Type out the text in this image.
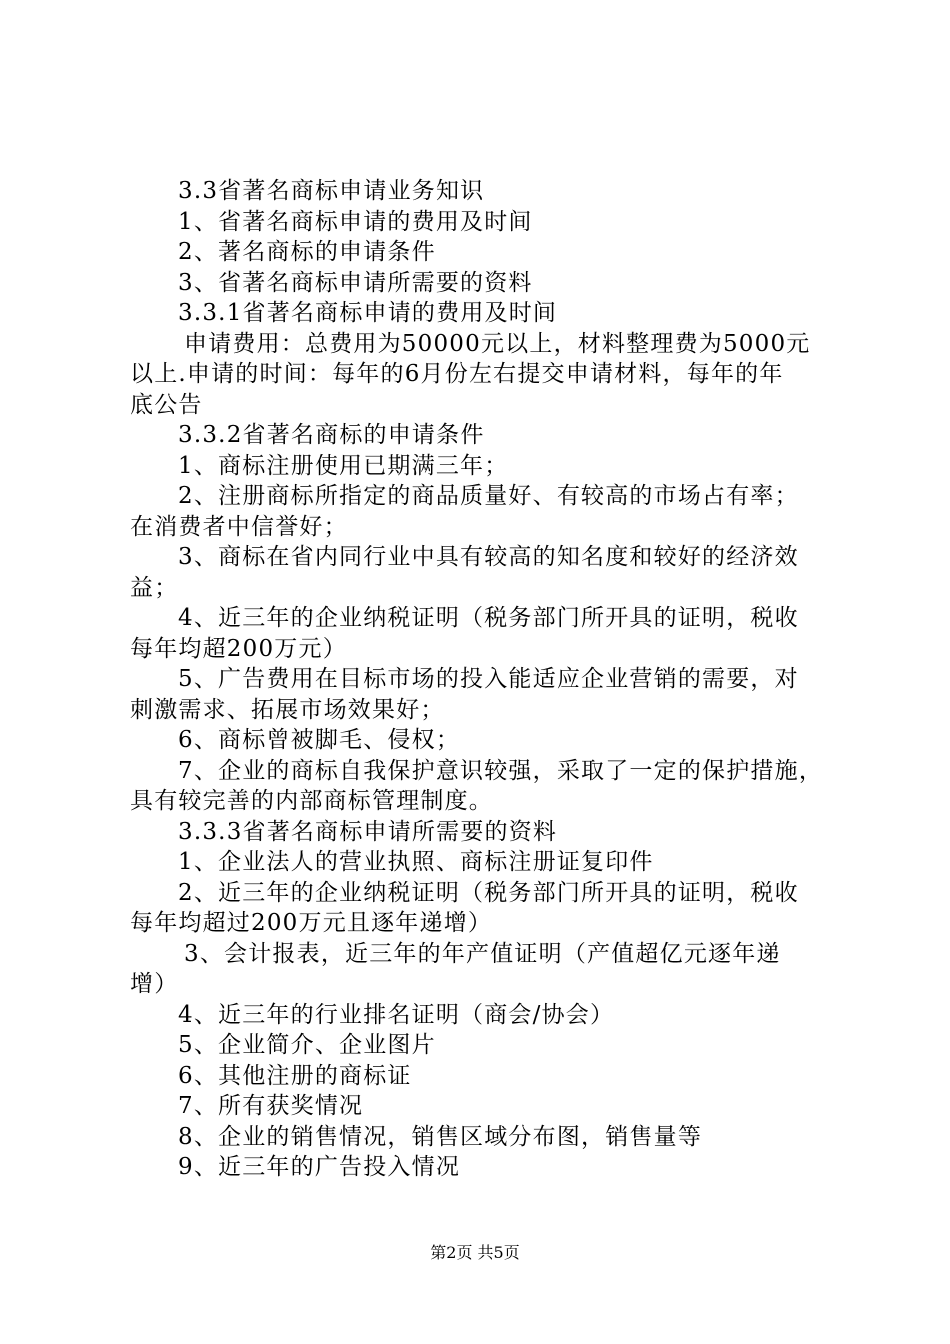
3.3省著名商标申请业务知识

1、省著名商标申请的费用及时间

2、著名商标的申请条件

3、省著名商标申请所需要的资料

3.3.1省著名商标申请的费用及时间

申请费用：总费用为50000元以上，材料整理费为5000元

以上.申请的时间：每年的6月份左右提交申请材料，每年的年

底公告

3.3.2省著名商标的申请条件

1、商标注册使用已期满三年；

2、注册商标所指定的商品质量好、有较高的市场占有率；

在消费者中信誉好；

3、商标在省内同行业中具有较高的知名度和较好的经济效

益；

4、近三年的企业纳税证明（税务部门所开具的证明，税收

每年均超200万元）

5、广告费用在目标市场的投入能适应企业营销的需要，对

刺激需求、拓展市场效果好；

6、商标曾被脚毛、侵权；

7、企业的商标自我保护意识较强，采取了一定的保护措施，

具有较完善的内部商标管理制度。

3.3.3省著名商标申请所需要的资料

1、企业法人的营业执照、商标注册证复印件

2、近三年的企业纳税证明（税务部门所开具的证明，税收

每年均超过200万元且逐年递增）

3、会计报表，近三年的年产值证明（产值超亿元逐年递

增）

4、近三年的行业排名证明（商会/协会）

5、企业简介、企业图片

6、其他注册的商标证

7、所有获奖情况

8、企业的销售情况，销售区域分布图，销售量等

9、近三年的广告投入情况

第2页 共5页
